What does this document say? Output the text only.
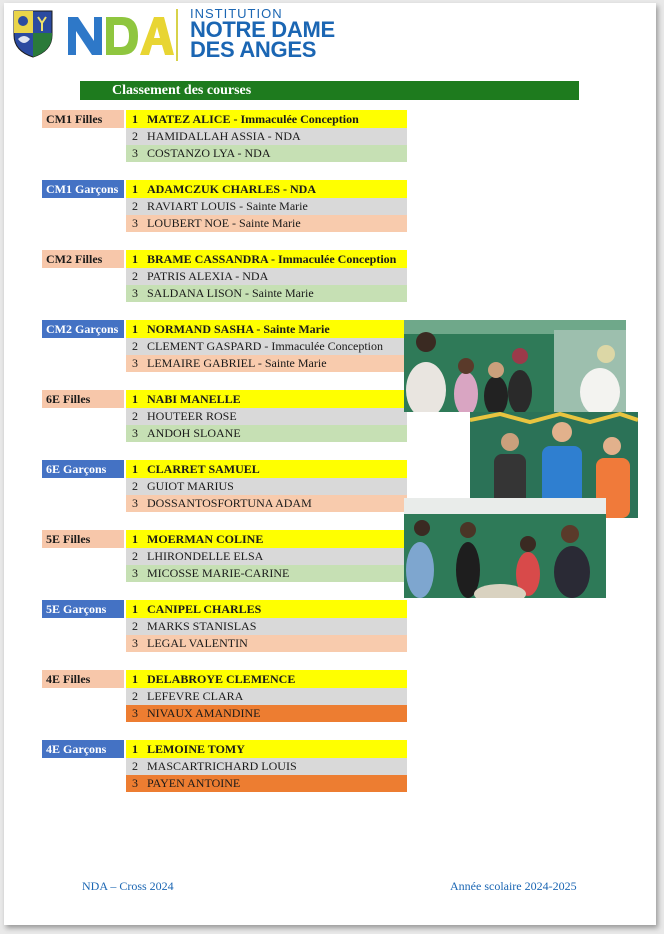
INSTITUTION
NOTRE DAME
DES ANGES
Classement des courses
CM1 Filles	1 MATEZ ALICE - Immaculée Conception
2 HAMIDALLAH ASSIA - NDA
3 COSTANZO LYA - NDA
CM1 Garçons	1 ADAMCZUK CHARLES - NDA
2 RAVIART LOUIS - Sainte Marie
3 LOUBERT NOE - Sainte Marie
CM2 Filles	1 BRAME CASSANDRA - Immaculée Conception
2 PATRIS ALEXIA - NDA
3 SALDANA LISON - Sainte Marie
CM2 Garçons	1 NORMAND SASHA - Sainte Marie
2 CLEMENT GASPARD - Immaculée Conception
3 LEMAIRE GABRIEL - Sainte Marie
6E Filles	1 NABI MANELLE
2 HOUTEER ROSE
3 ANDOH SLOANE
6E Garçons	1 CLARRET SAMUEL
2 GUIOT MARIUS
3 DOSSANTOSFORTUNA ADAM
5E Filles	1 MOERMAN COLINE
2 LHIRONDELLE ELSA
3 MICOSSE MARIE-CARINE
5E Garçons	1 CANIPEL CHARLES
2 MARKS STANISLAS
3 LEGAL VALENTIN
4E Filles	1 DELABROYE CLEMENCE
2 LEFEVRE CLARA
3 NIVAUX AMANDINE
4E Garçons	1 LEMOINE TOMY
2 MASCARTRICHARD LOUIS
3 PAYEN ANTOINE
NDA – Cross 2024	Année scolaire 2024-2025
